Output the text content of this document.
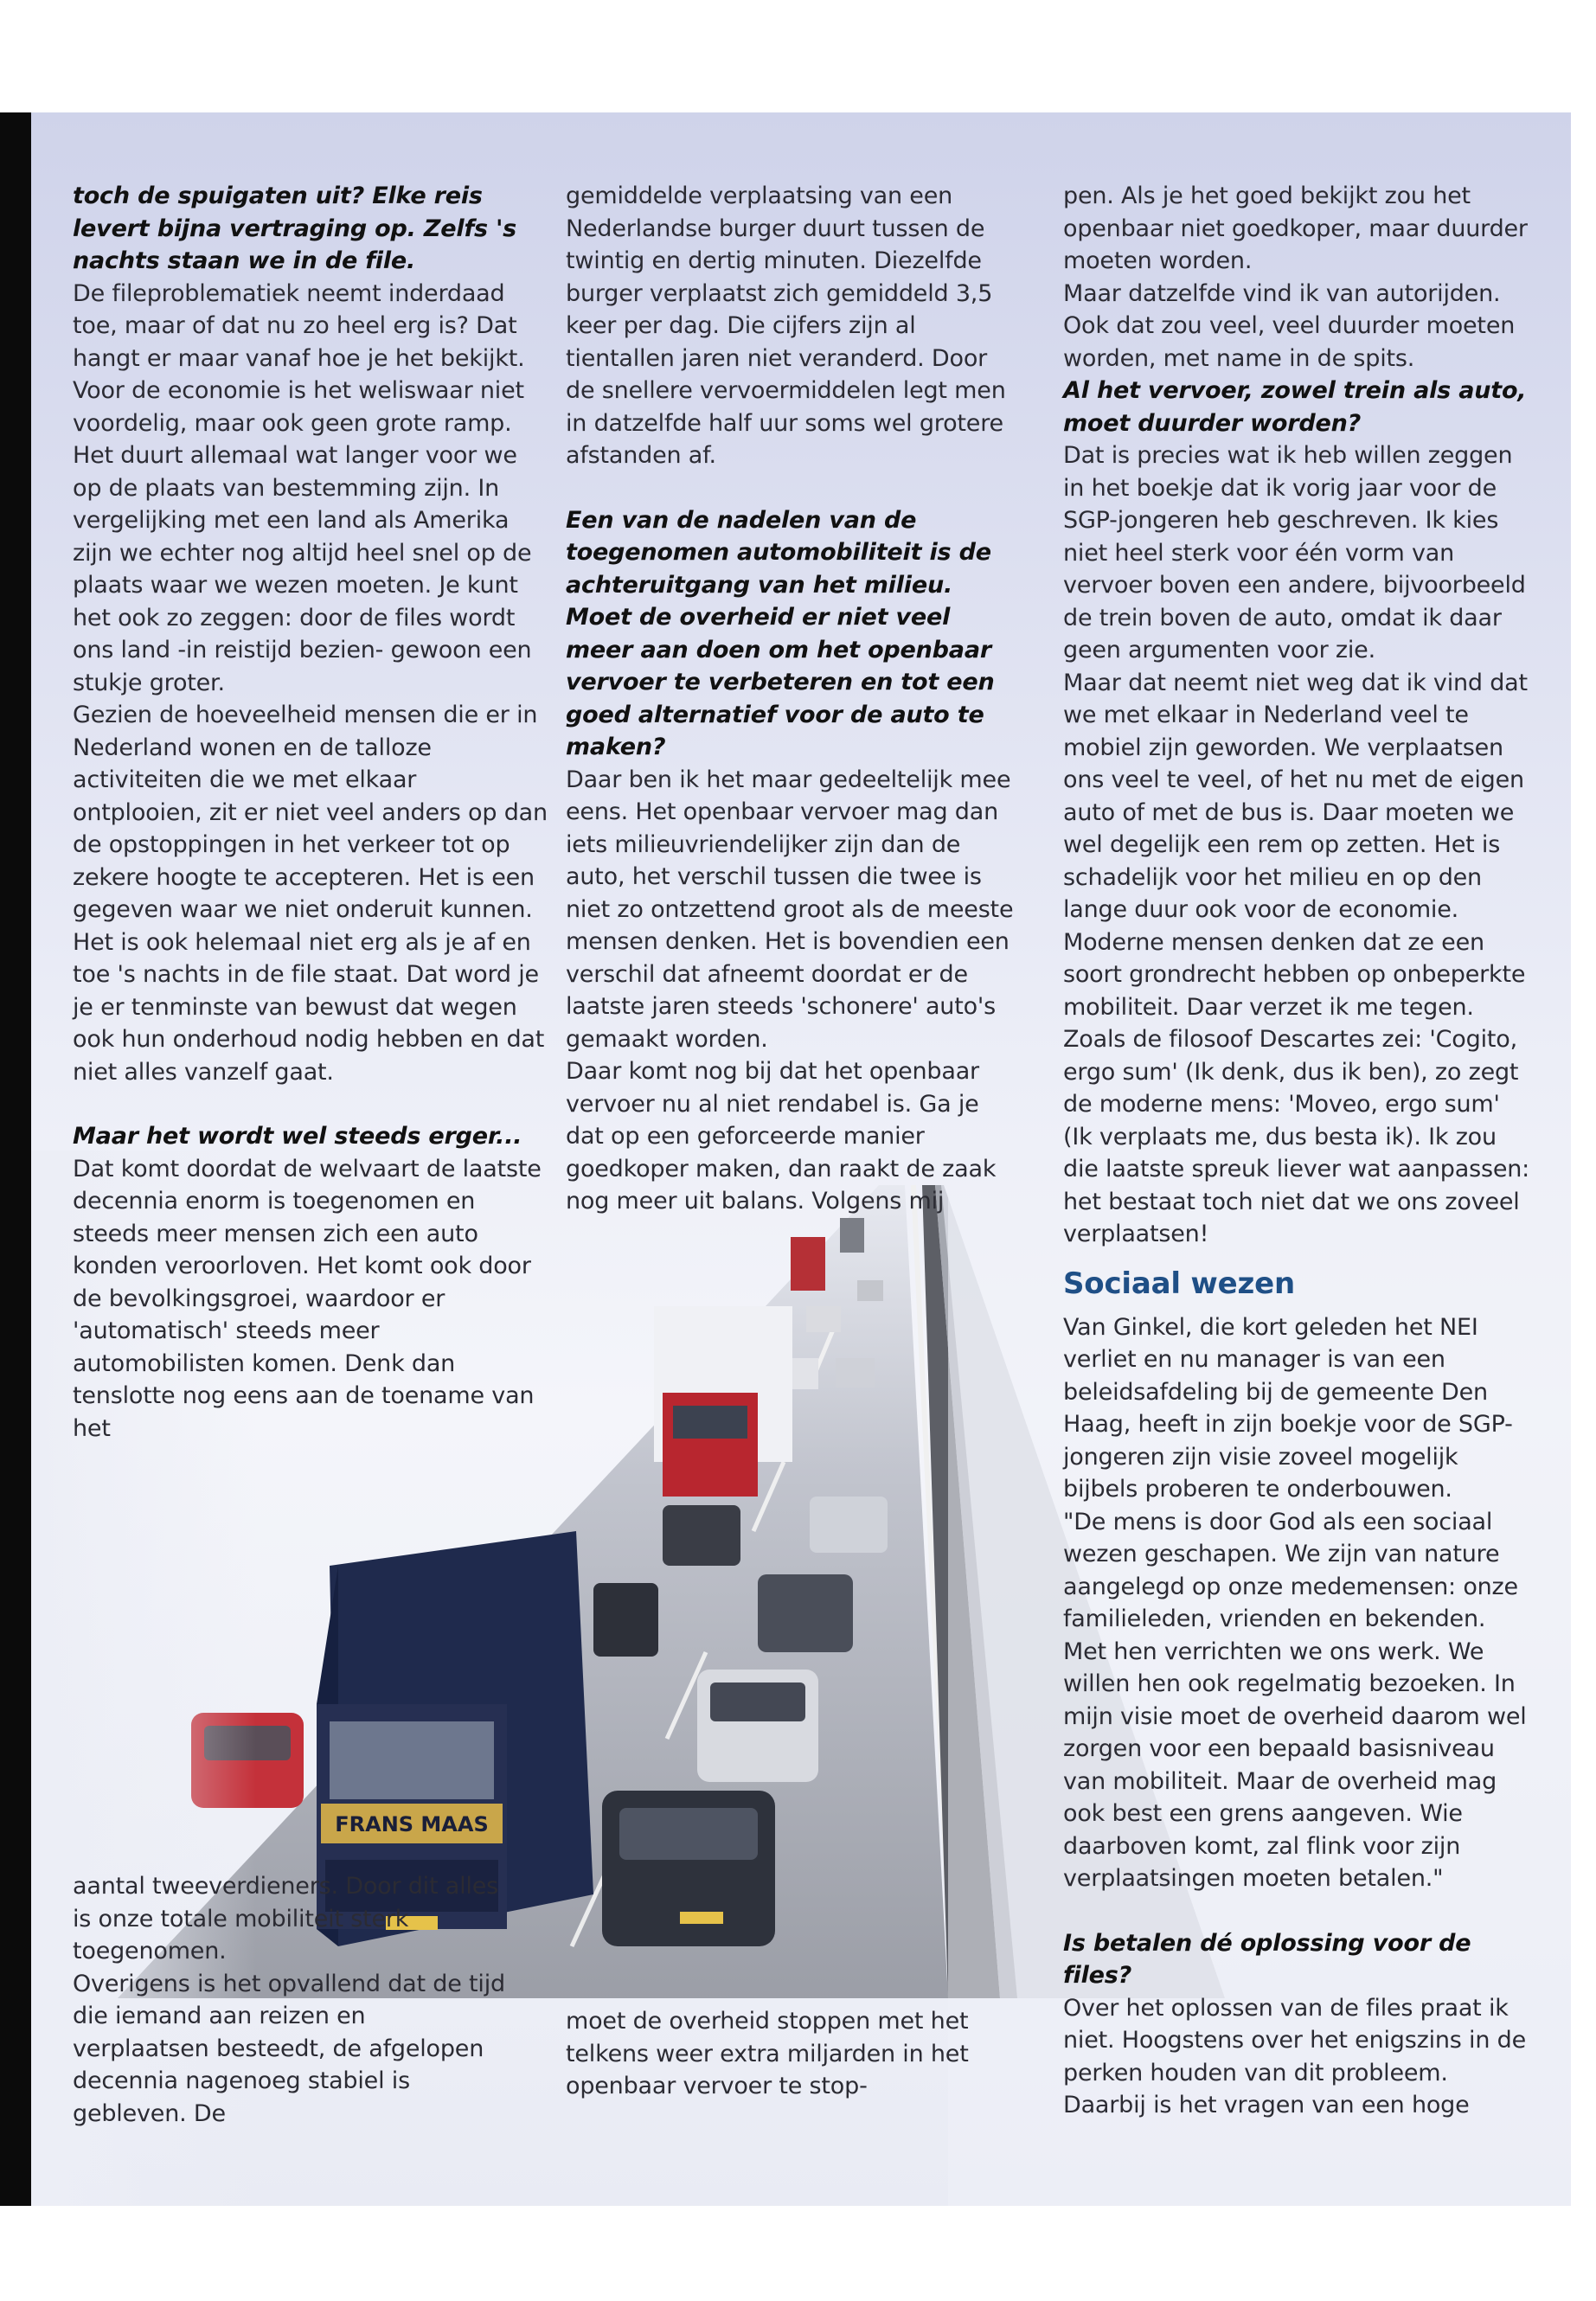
FRANS MAAS

toch de spuigaten uit? Elke reis levert bijna vertraging op. Zelfs 's nachts staan we in de file.

De fileproblematiek neemt inderdaad toe, maar of dat nu zo heel erg is? Dat hangt er maar vanaf hoe je het bekijkt. Voor de economie is het weliswaar niet voordelig, maar ook geen grote ramp. Het duurt allemaal wat langer voor we op de plaats van bestemming zijn. In vergelijking met een land als Amerika zijn we echter nog altijd heel snel op de plaats waar we wezen moeten. Je kunt het ook zo zeggen: door de files wordt ons land -in reistijd bezien- gewoon een stukje groter.

Gezien de hoeveelheid mensen die er in Nederland wonen en de talloze activiteiten die we met elkaar ontplooien, zit er niet veel anders op dan de opstoppingen in het verkeer tot op zekere hoogte te accepteren. Het is een gegeven waar we niet onderuit kunnen.

Het is ook helemaal niet erg als je af en toe 's nachts in de file staat. Dat word je je er tenminste van bewust dat wegen ook hun onderhoud nodig hebben en dat niet alles vanzelf gaat.

Maar het wordt wel steeds erger...

Dat komt doordat de welvaart de laatste decennia enorm is toegenomen en steeds meer mensen zich een auto konden veroorloven. Het komt ook door de bevolkingsgroei, waardoor er 'automatisch' steeds meer automobilisten komen. Denk dan tenslotte nog eens aan de toename van het

aantal tweeverdieners. Door dit alles is onze totale mobiliteit sterk toegenomen.

Overigens is het opvallend dat de tijd die iemand aan reizen en verplaatsen besteedt, de afgelopen decennia nagenoeg stabiel is gebleven. De

gemiddelde verplaatsing van een Nederlandse burger duurt tussen de twintig en dertig minuten. Diezelfde burger verplaatst zich gemiddeld 3,5 keer per dag. Die cijfers zijn al tientallen jaren niet veranderd. Door de snellere vervoermiddelen legt men in datzelfde half uur soms wel grotere afstanden af.

Een van de nadelen van de toegenomen automobiliteit is de achteruitgang van het milieu. Moet de overheid er niet veel meer aan doen om het openbaar vervoer te verbeteren en tot een goed alternatief voor de auto te maken?

Daar ben ik het maar gedeeltelijk mee eens. Het openbaar vervoer mag dan iets milieuvriendelijker zijn dan de auto, het verschil tussen die twee is niet zo ontzettend groot als de meeste mensen denken. Het is bovendien een verschil dat afneemt doordat er de laatste jaren steeds 'schonere' auto's gemaakt worden.

Daar komt nog bij dat het openbaar vervoer nu al niet rendabel is. Ga je dat op een geforceerde manier goedkoper maken, dan raakt de zaak nog meer uit balans. Volgens mij

moet de overheid stoppen met het telkens weer extra miljarden in het openbaar vervoer te stop-

pen. Als je het goed bekijkt zou het openbaar niet goedkoper, maar duurder moeten worden.

Maar datzelfde vind ik van autorijden. Ook dat zou veel, veel duurder moeten worden, met name in de spits.

Al het vervoer, zowel trein als auto, moet duurder worden?

Dat is precies wat ik heb willen zeggen in het boekje dat ik vorig jaar voor de SGP-jongeren heb geschreven. Ik kies niet heel sterk voor één vorm van vervoer boven een andere, bijvoorbeeld de trein boven de auto, omdat ik daar geen argumenten voor zie.

Maar dat neemt niet weg dat ik vind dat we met elkaar in Nederland veel te mobiel zijn geworden. We verplaatsen ons veel te veel, of het nu met de eigen auto of met de bus is. Daar moeten we wel degelijk een rem op zetten. Het is schadelijk voor het milieu en op den lange duur ook voor de economie.

Moderne mensen denken dat ze een soort grondrecht hebben op onbeperkte mobiliteit. Daar verzet ik me tegen. Zoals de filosoof Descartes zei: 'Cogito, ergo sum' (Ik denk, dus ik ben), zo zegt de moderne mens: 'Moveo, ergo sum' (Ik verplaats me, dus besta ik). Ik zou die laatste spreuk liever wat aanpassen: het bestaat toch niet dat we ons zoveel verplaatsen!

Sociaal wezen

Van Ginkel, die kort geleden het NEI verliet en nu manager is van een beleidsafdeling bij de gemeente Den Haag, heeft in zijn boekje voor de SGP-jongeren zijn visie zoveel mogelijk bijbels proberen te onderbouwen.

"De mens is door God als een sociaal wezen geschapen. We zijn van nature aangelegd op onze medemensen: onze familieleden, vrienden en bekenden. Met hen verrichten we ons werk. We willen hen ook regelmatig bezoeken. In mijn visie moet de overheid daarom wel zorgen voor een bepaald basisniveau van mobiliteit. Maar de overheid mag ook best een grens aangeven. Wie daarboven komt, zal flink voor zijn verplaatsingen moeten betalen."

Is betalen dé oplossing voor de files?

Over het oplossen van de files praat ik niet. Hoogstens over het enigszins in de perken houden van dit probleem. Daarbij is het vragen van een hoge
